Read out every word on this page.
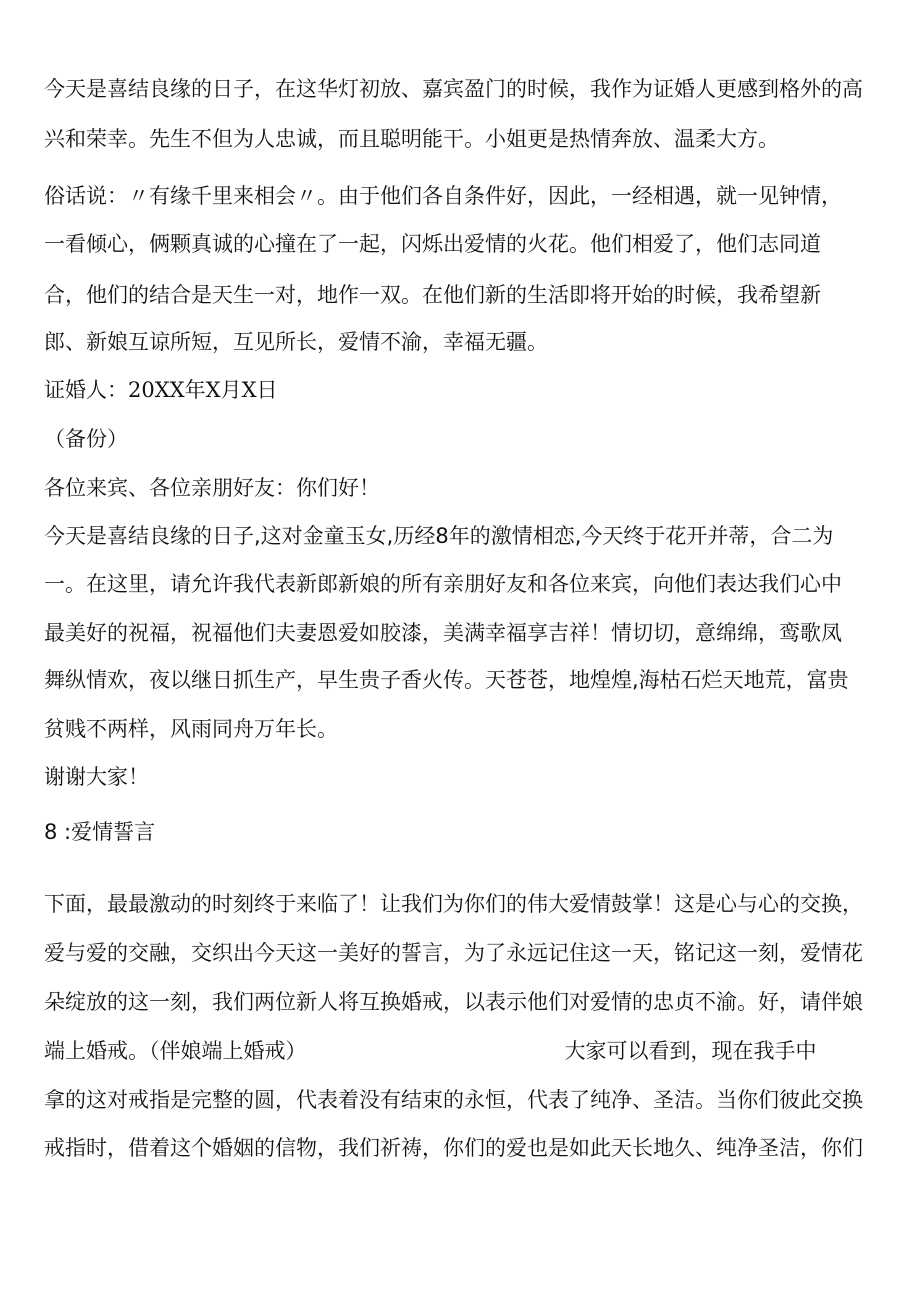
今天是喜结良缘的日子，在这华灯初放、嘉宾盈门的时候，我作为证婚人更感到格外的高
兴和荣幸。先生不但为人忠诚，而且聪明能干。小姐更是热情奔放、温柔大方。
俗话说：〃有缘千里来相会〃。由于他们各自条件好，因此，一经相遇，就一见钟情，
一看倾心，俩颗真诚的心撞在了一起，闪烁出爱情的火花。他们相爱了，他们志同道
合，他们的结合是天生一对，地作一双。在他们新的生活即将开始的时候，我希望新
郎、新娘互谅所短，互见所长，爱情不渝，幸福无疆。
证婚人：20XX年X月X日
（备份）
各位来宾、各位亲朋好友：你们好！
今天是喜结良缘的日子,这对金童玉女,历经8年的激情相恋,今天终于花开并蒂，合二为
一。在这里，请允许我代表新郎新娘的所有亲朋好友和各位来宾，向他们表达我们心中
最美好的祝福，祝福他们夫妻恩爱如胶漆，美满幸福享吉祥！情切切，意绵绵，鸾歌凤
舞纵情欢，夜以继日抓生产，早生贵子香火传。天苍苍，地煌煌,海枯石烂天地荒，富贵
贫贱不两样，风雨同舟万年长。
谢谢大家！
8 :爱情誓言
下面，最最激动的时刻终于来临了！让我们为你们的伟大爱情鼓掌！这是心与心的交换，
爱与爱的交融，交织出今天这一美好的誓言，为了永远记住这一天，铭记这一刻，爱情花
朵绽放的这一刻，我们两位新人将互换婚戒，以表示他们对爱情的忠贞不渝。好，请伴娘
端上婚戒。（伴娘端上婚戒）	大家可以看到，现在我手中
拿的这对戒指是完整的圆，代表着没有结束的永恒，代表了纯净、圣洁。当你们彼此交换
戒指时，借着这个婚姻的信物，我们祈祷，你们的爱也是如此天长地久、纯净圣洁，你们
